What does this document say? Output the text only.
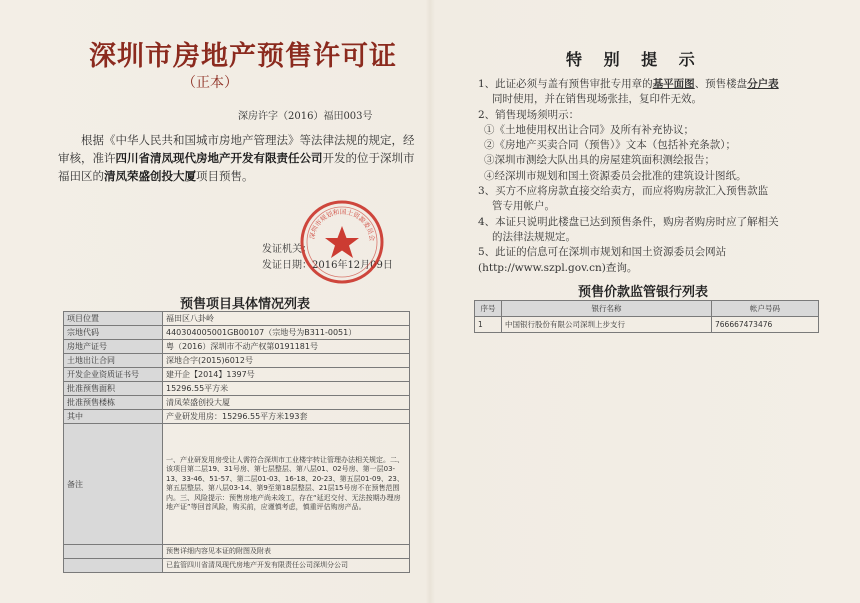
深圳市房地产预售许可证
（正本）
深房许字（2016）福田003号
根据《中华人民共和国城市房地产管理法》等法律法规的规定，经审核，准许四川省清凤现代房地产开发有限责任公司开发的位于深圳市福田区的清凤荣盛创投大厦项目预售。
发证机关：
发证日期：2016年12月09日
深圳市规划和国土资源委员会
预售项目具体情况列表
项目位置	福田区八卦岭
宗地代码	440304005001GB00107（宗地号为B311-0051）
房地产证号	粤（2016）深圳市不动产权第0191181号
土地出让合同	深地合字(2015)6012号
开发企业资质证书号	建开企【2014】1397号
批准预售面积	15296.55平方米
批准预售楼栋	清凤荣盛创投大厦
其中	产业研发用房：15296.55平方米193套
备注	一、产业研发用房受让人需符合深圳市工业楼宇转让管理办法相关规定。二、该项目第二层19、31号房、第七层整层、第八层01、02号房、第一层03-13、33-46、51-57、第二层01-03、16-18、20-23、第五层01-09、23、第五层整层、第八层03-14、第9至第18层整层、21层15号房不在预售范围内。三、风险提示：预售房地产尚未竣工，存在“延迟交付、无法按期办理房地产证”等回首风险，购买前，应谨慎考虑，慎重评估购房产品。

	预售详细内容见本证的附图及附表
	已监管四川省清凤现代房地产开发有限责任公司深圳分公司
特 别 提 示
1、此证必须与盖有预售审批专用章的基平面图、预售楼盘分户表
同时使用，并在销售现场张挂，复印件无效。
2、销售现场须明示：
①《土地使用权出让合同》及所有补充协议；
②《房地产买卖合同（预售）》文本（包括补充条款）；
③深圳市测绘大队出具的房屋建筑面积测绘报告；
④经深圳市规划和国土资源委员会批准的建筑设计图纸。
3、买方不应将房款直接交给卖方，而应将购房款汇入预售款监
管专用帐户。
4、本证只说明此楼盘已达到预售条件，购房者购房时应了解相关
的法律法规规定。
5、此证的信息可在深圳市规划和国土资源委员会网站
(http://www.szpl.gov.cn)查询。
预售价款监管银行列表
序号	银行名称	帐户号码
1	中国银行股份有限公司深圳上步支行	766667473476
